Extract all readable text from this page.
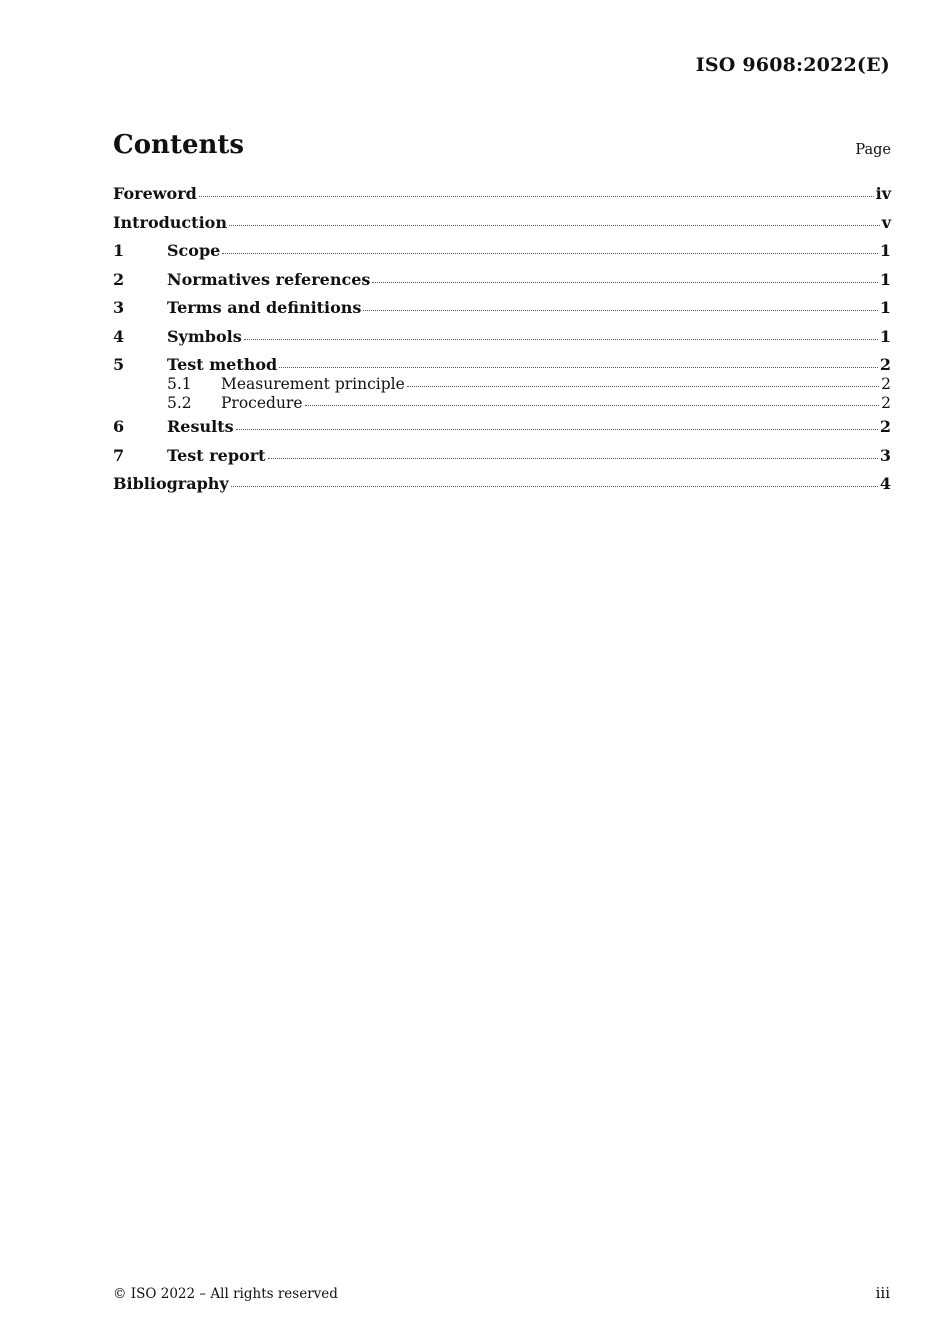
ISO 9608:2022(E)
Contents	Page
Foreword	iv
Introduction	v
1	Scope	1
2	Normatives references	1
3	Terms and definitions	1
4	Symbols	1
5	Test method	2
5.1	Measurement principle	2
5.2	Procedure	2
6	Results	2
7	Test report	3
Bibliography	4
© ISO 2022 – All rights reserved	iii
